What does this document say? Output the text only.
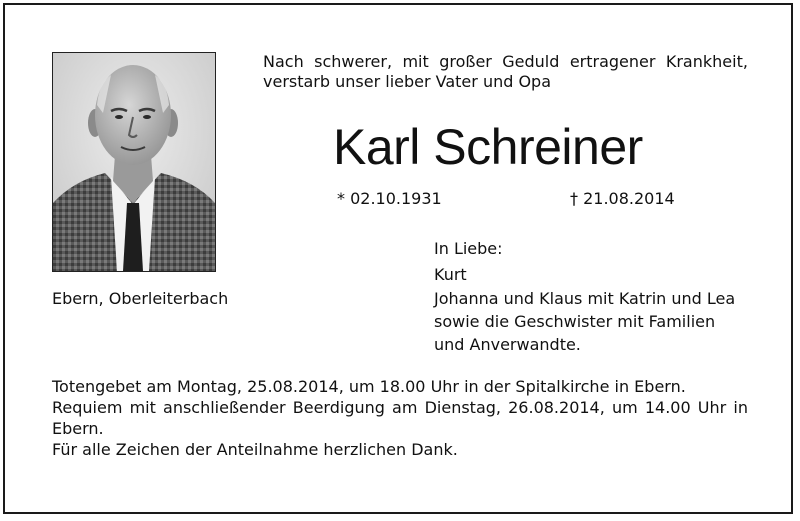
Nach schwerer, mit großer Geduld ertragener Krankheit,
verstarb unser lieber Vater und Opa
Karl Schreiner
* 02.10.1931	† 21.08.2014
In Liebe:
Kurt
Johanna und Klaus mit Katrin und Lea
sowie die Geschwister mit Familien
und Anverwandte.
Ebern, Oberleiterbach
Totengebet am Montag, 25.08.2014, um 18.00 Uhr in der Spitalkirche in Ebern.
Requiem mit anschließender Beerdigung am Dienstag, 26.08.2014, um 14.00 Uhr in
Ebern.
Für alle Zeichen der Anteilnahme herzlichen Dank.
